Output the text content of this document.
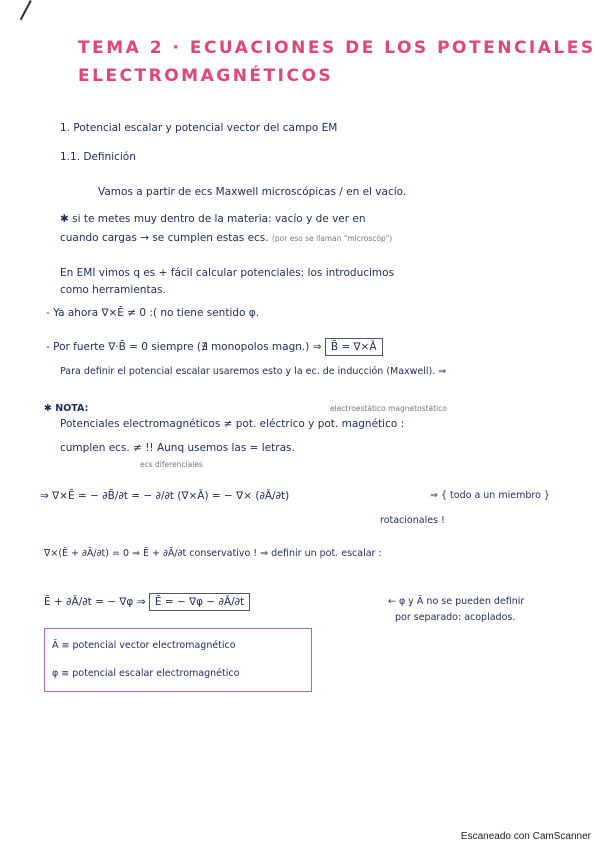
TEMA 2 · ECUACIONES DE LOS POTENCIALES
ELECTROMAGNÉTICOS
1. Potencial escalar y potencial vector del campo EM
1.1. Definición
Vamos a partir de ecs Maxwell microscópicas / en el vacío.
✱ si te metes muy dentro de la materia: vacío y de ver en
cuando cargas → se cumplen estas ecs. (por eso se llaman "microscóp")
En EMI vimos q es + fácil calcular potenciales: los introducimos
como herramientas.
- Ya ahora ∇×Ē ≠ 0 :( no tiene sentido φ.
- Por fuerte ∇·B̄ = 0 siempre (∄ monopolos magn.) ⇒ B̄ = ∇×Ā
Para definir el potencial escalar usaremos esto y la ec. de inducción (Maxwell). ⇒
✱ NOTA:	electroestático magnetostático
Potenciales electromagnéticos ≠ pot. eléctrico y pot. magnético :
cumplen ecs. ≠ !! Aunq usemos las = letras.
ecs diferenciales
⇒ ∇×Ē = − ∂B̄/∂t = − ∂/∂t (∇×Ā) = − ∇× (∂Ā/∂t)	⇒ { todo a un miembro }
rotacionales !
∇×(Ē + ∂Ā/∂t) = 0 ⇒ Ē + ∂Ā/∂t conservativo ! ⇒ definir un pot. escalar :
Ē + ∂Ā/∂t = − ∇φ ⇒ Ē = − ∇φ − ∂Ā/∂t	← φ y Ā no se pueden definir
por separado: acoplados.
Ā ≡ potencial vector electromagnético
φ ≡ potencial escalar electromagnético
Escaneado con CamScanner
